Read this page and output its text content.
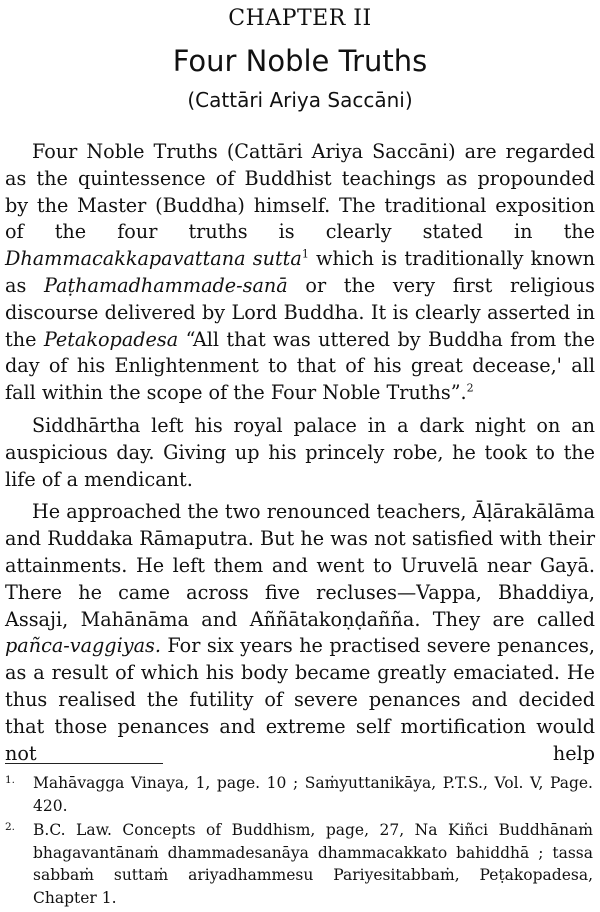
CHAPTER II
Four Noble Truths
(Cattāri Ariya Saccāni)

Four Noble Truths (Cattāri Ariya Saccāni) are regarded as the quintessence of Buddhist teachings as propounded by the Master (Buddha) himself. The traditional exposition of the four truths is clearly stated in the Dhammacakkapavattana sutta$^1$ which is traditionally known as Paṭhamadhammade-sanā or the very first religious discourse delivered by Lord Buddha. It is clearly asserted in the Petakopadesa “All that was uttered by Buddha from the day of his Enlightenment to that of his great decease,' all fall within the scope of the Four Noble Truths”.$^2$

Siddhārtha left his royal palace in a dark night on an auspicious day. Giving up his princely robe, he took to the life of a mendicant.

He approached the two renounced teachers, Āḷārakālāma and Ruddaka Rāmaputra. But he was not satisfied with their attainments. He left them and went to Uruvelā near Gayā. There he came across five recluses—Vappa, Bhaddiya, Assaji, Mahānāma and Aññātakoṇḍañña. They are called pañca-vaggiyas. For six years he practised severe penances, as a result of which his body became greatly emaciated. He thus realised the futility of severe penances and decided that those penances and extreme self mortification would not help

1. Mahāvagga Vinaya, 1, page. 10 ; Saṁyuttanikāya, P.T.S., Vol. V, Page. 420.
2. B.C. Law. Concepts of Buddhism, page, 27, Na Kiñci Buddhānaṁ bhagavantānaṁ dhammadesanāya dhammacakkato bahiddhā ; tassa sabbaṁ suttaṁ ariyadhammesu Pariyesitabbaṁ, Peṭakopadesa, Chapter 1.
